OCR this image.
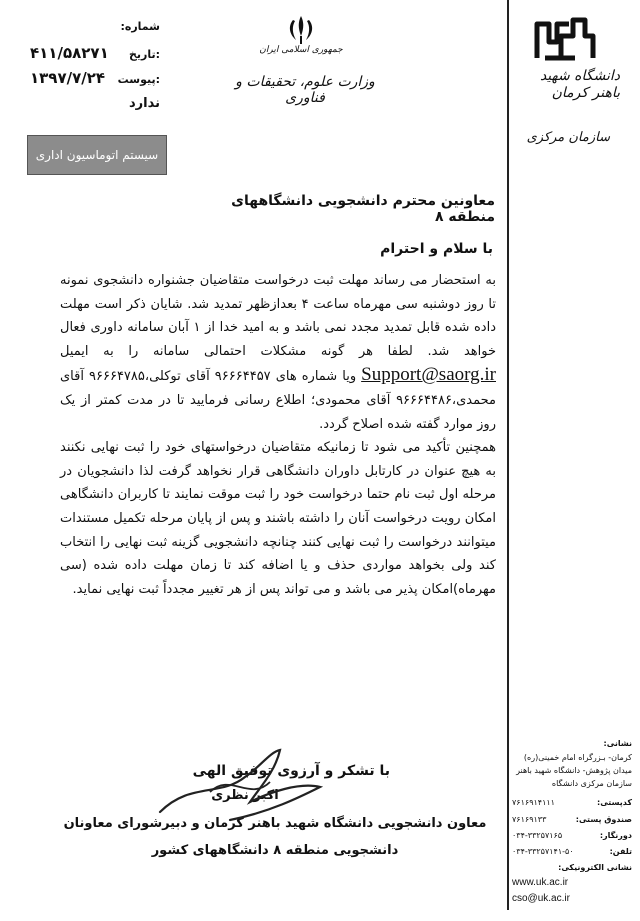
شماره:
۴۱۱/۵۸۲۷۱ تاریخ:
۱۳۹۷/۷/۲۴ پیوست:
ندارد
سیستم اتوماسیون اداری
جمهوری اسلامی ایران
وزارت علوم، تحقیقات و فناوری
دانشگاه شهید باهنر کرمان
سازمان مرکزی
معاونین محترم دانشجویی دانشگاههای منطقه ۸
با سلام و احترام
به استحضار می رساند مهلت ثبت درخواست متقاضیان جشنواره دانشجوی نمونه تا روز دوشنبه سی مهرماه ساعت ۴ بعدازظهر تمدید شد. شایان ذکر است مهلت داده شده قابل تمدید مجدد نمی باشد و به امید خدا از ۱ آبان سامانه داوری فعال خواهد شد. لطفا هر گونه مشکلات احتمالی سامانه را به ایمیل Support@saorg.ir ویا شماره های ۹۶۶۶۴۴۵۷ آقای توکلی،۹۶۶۶۴۷۸۵ آقای محمدی،۹۶۶۶۴۴۸۶ آقای محمودی؛ اطلاع رسانی فرمایید تا در مدت کمتر از یک روز موارد گفته شده اصلاح گردد.
همچنین تأکید می شود تا زمانیکه متقاضیان درخواستهای خود را ثبت نهایی نکنند به هیچ عنوان در کارتابل داوران دانشگاهی قرار نخواهد گرفت لذا دانشجویان در مرحله اول ثبت نام حتما درخواست خود را ثبت موقت نمایند تا کاربران دانشگاهی امکان رویت درخواست آنان را داشته باشند و پس از پایان مرحله تکمیل مستندات میتوانند درخواست را ثبت نهایی کنند چنانچه دانشجویی گزینه ثبت نهایی را انتخاب کند ولی بخواهد مواردی حذف و یا اضافه کند تا زمان مهلت داده شده (سی مهرماه)امکان پذیر می باشد و می تواند پس از هر تغییر مجدداً ثبت نهایی نماید.
با تشکر و آرزوی توفیق الهی
اکبر نظری
معاون دانشجویی دانشگاه شهید باهنر کرمان و دبیرشورای معاونان
دانشجویی منطقه ۸ دانشگاههای کشور
نشانی:
کرمان- بـزرگراه امام خمینی(ره)
میدان پژوهش- دانشگاه شهید باهنر
سازمان مرکزی دانشگاه
کدپستی:
۷۶۱۶۹۱۴۱۱۱
صندوق پستی:
۷۶۱۶۹۱۳۳
دورنگار:
۰۳۴-۳۳۲۵۷۱۶۵
تلفن:
۰۳۴-۳۳۲۵۷۱۴۱-۵۰
نشانی الکترونیکی:
www.uk.ac.ir
cso@uk.ac.ir
